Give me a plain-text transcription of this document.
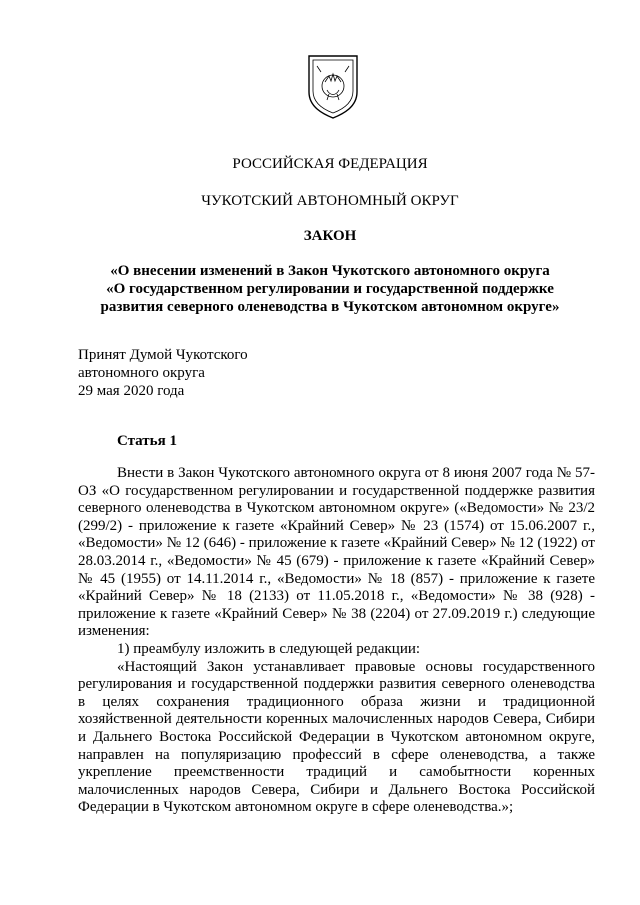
РОССИЙСКАЯ ФЕДЕРАЦИЯ
ЧУКОТСКИЙ АВТОНОМНЫЙ ОКРУГ
ЗАКОН
«О внесении изменений в Закон Чукотского автономного округа
«О государственном регулировании и государственной поддержке
развития северного оленеводства в Чукотском автономном округе»
Принят Думой Чукотского
автономного округа
29 мая 2020 года
Статья 1

Внести в Закон Чукотского автономного округа от 8 июня 2007 года № 57-ОЗ «О государственном регулировании и государственной поддержке развития северного оленеводства в Чукотском автономном округе» («Ведомости» № 23/2 (299/2) - приложение к газете «Крайний Север» № 23 (1574) от 15.06.2007 г., «Ведомости» № 12 (646) - приложение к газете «Крайний Север» № 12 (1922) от 28.03.2014 г., «Ведомости» № 45 (679) - приложение к газете «Крайний Север» № 45 (1955) от 14.11.2014 г., «Ведомости» № 18 (857) - приложение к газете «Крайний Север» № 18 (2133) от 11.05.2018 г., «Ведомости» № 38 (928) - приложение к газете «Крайний Север» № 38 (2204) от 27.09.2019 г.) следующие изменения:

1) преамбулу изложить в следующей редакции:

«Настоящий Закон устанавливает правовые основы государственного регулирования и государственной поддержки развития северного оленеводства в целях сохранения традиционного образа жизни и традиционной хозяйственной деятельности коренных малочисленных народов Севера, Сибири и Дальнего Востока Российской Федерации в Чукотском автономном округе, направлен на популяризацию профессий в сфере оленеводства, а также укрепление преемственности традиций и самобытности коренных малочисленных народов Севера, Сибири и Дальнего Востока Российской Федерации в Чукотском автономном округе в сфере оленеводства.»;
